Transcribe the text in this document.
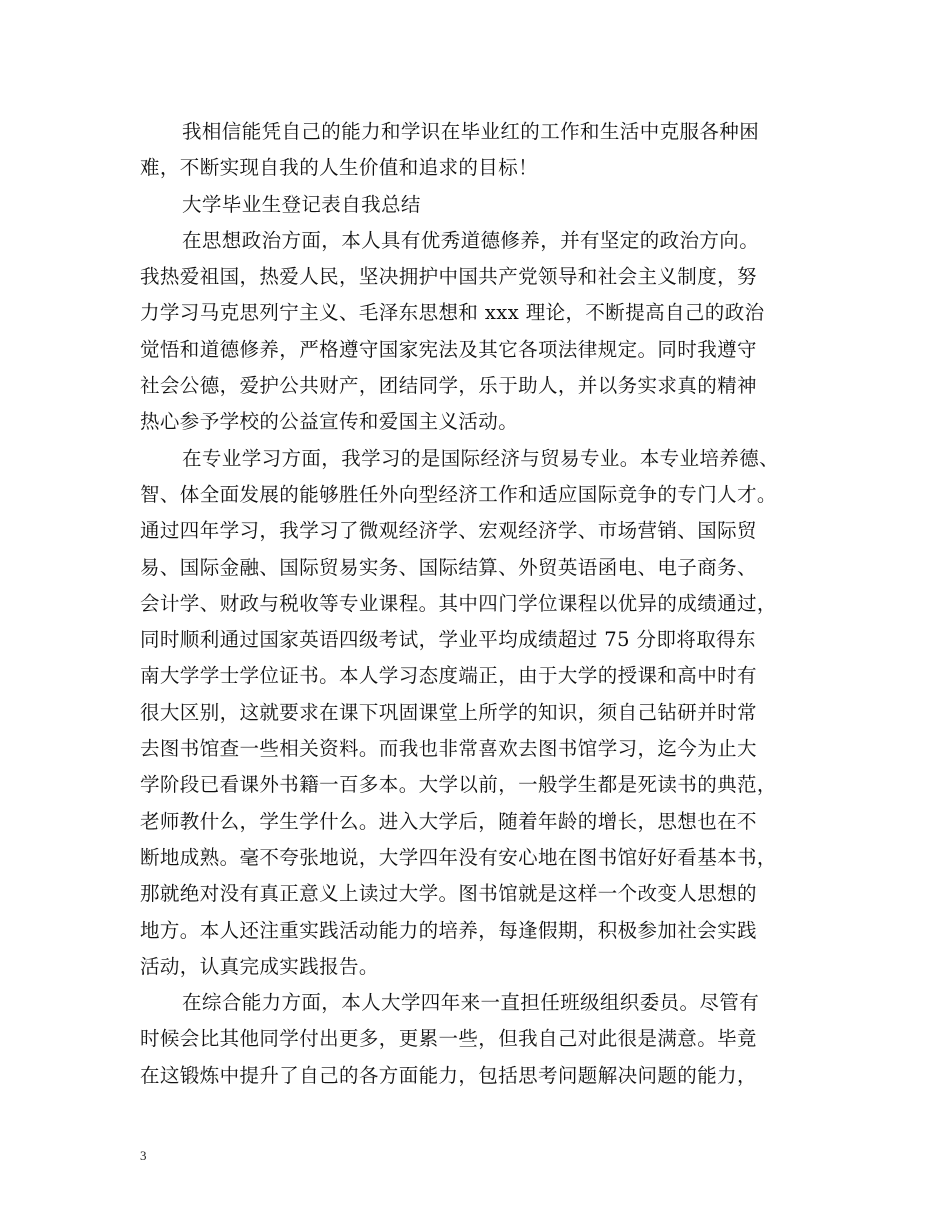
我相信能凭自己的能力和学识在毕业红的工作和生活中克服各种困
难，不断实现自我的人生价值和追求的目标！
大学毕业生登记表自我总结
在思想政治方面，本人具有优秀道德修养，并有坚定的政治方向。
我热爱祖国，热爱人民，坚决拥护中国共产党领导和社会主义制度，努
力学习马克思列宁主义、毛泽东思想和 xxx 理论，不断提高自己的政治
觉悟和道德修养，严格遵守国家宪法及其它各项法律规定。同时我遵守
社会公德，爱护公共财产，团结同学，乐于助人，并以务实求真的精神
热心参予学校的公益宣传和爱国主义活动。
在专业学习方面，我学习的是国际经济与贸易专业。本专业培养德、
智、体全面发展的能够胜任外向型经济工作和适应国际竞争的专门人才。
通过四年学习，我学习了微观经济学、宏观经济学、市场营销、国际贸
易、国际金融、国际贸易实务、国际结算、外贸英语函电、电子商务、
会计学、财政与税收等专业课程。其中四门学位课程以优异的成绩通过，
同时顺利通过国家英语四级考试，学业平均成绩超过 75 分即将取得东
南大学学士学位证书。本人学习态度端正，由于大学的授课和高中时有
很大区别，这就要求在课下巩固课堂上所学的知识，须自己钻研并时常
去图书馆查一些相关资料。而我也非常喜欢去图书馆学习，迄今为止大
学阶段已看课外书籍一百多本。大学以前，一般学生都是死读书的典范，
老师教什么，学生学什么。进入大学后，随着年龄的增长，思想也在不
断地成熟。毫不夸张地说，大学四年没有安心地在图书馆好好看基本书，
那就绝对没有真正意义上读过大学。图书馆就是这样一个改变人思想的
地方。本人还注重实践活动能力的培养，每逢假期，积极参加社会实践
活动，认真完成实践报告。
在综合能力方面，本人大学四年来一直担任班级组织委员。尽管有
时候会比其他同学付出更多，更累一些，但我自己对此很是满意。毕竟
在这锻炼中提升了自己的各方面能力，包括思考问题解决问题的能力，
3
